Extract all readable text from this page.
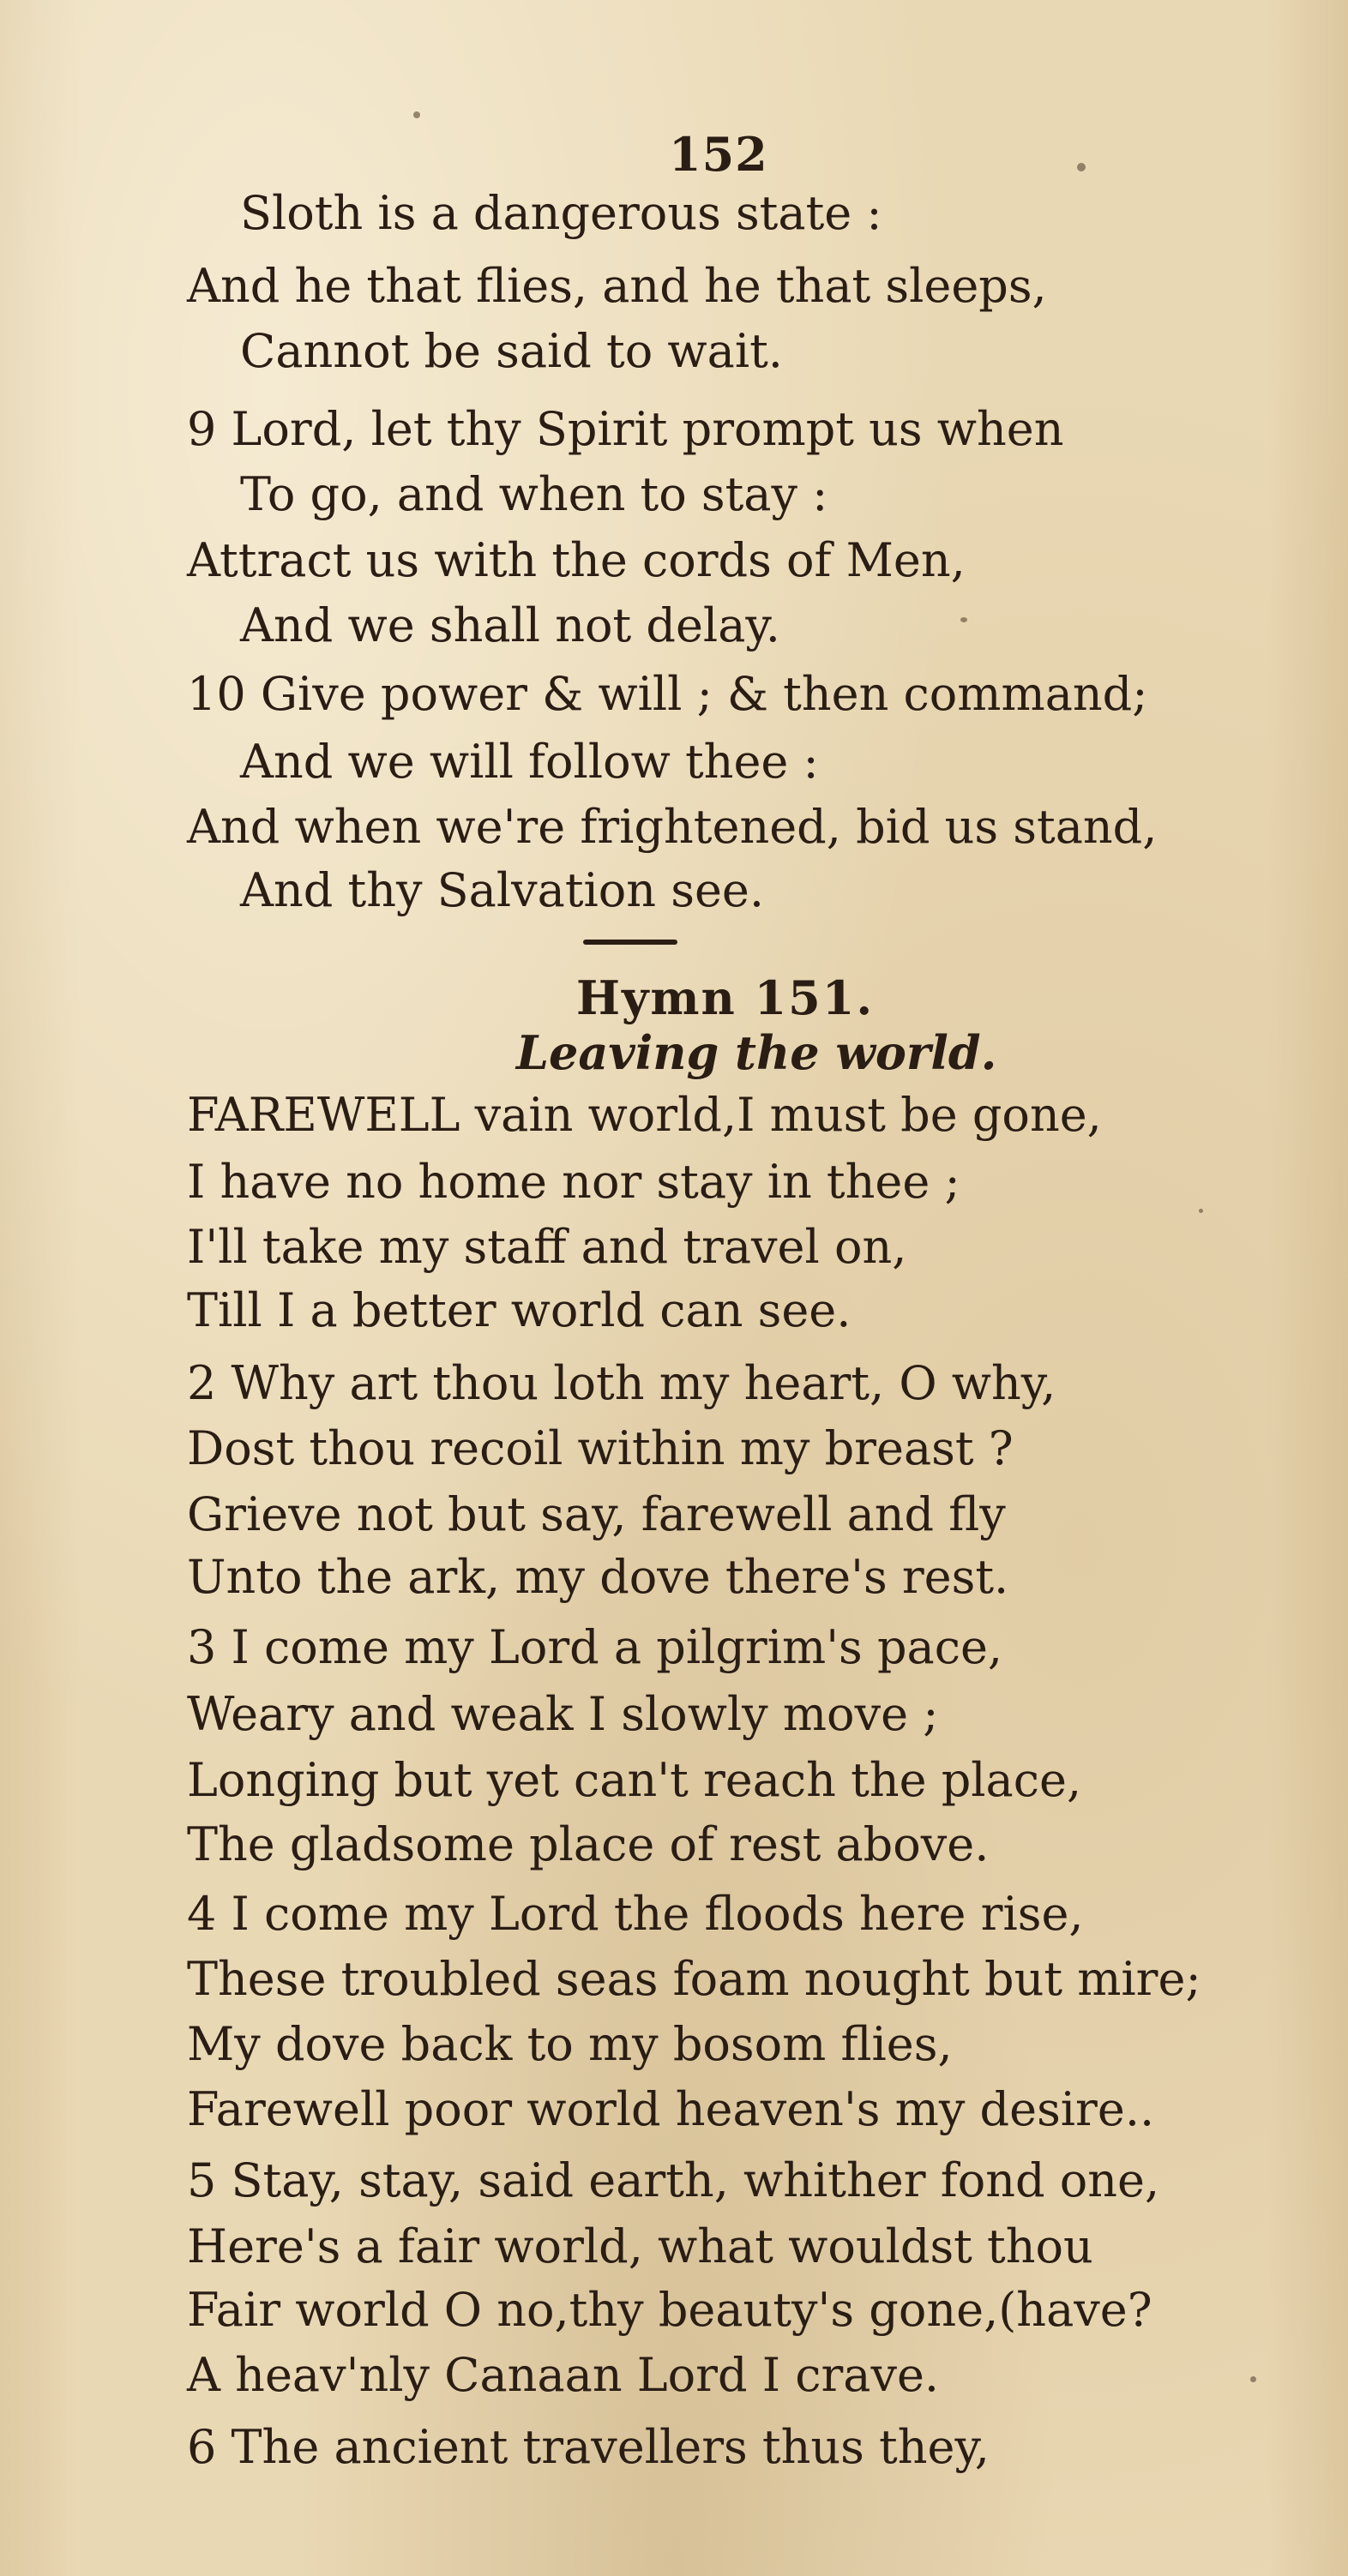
152
Sloth is a dangerous state :
And he that flies, and he that sleeps,
Cannot be said to wait.
9 Lord, let thy Spirit prompt us when
To go, and when to stay :
Attract us with the cords of Men,
And we shall not delay.
10 Give power & will ; & then command;
And we will follow thee :
And when we're frightened, bid us stand,
And thy Salvation see.
Hymn 151.
Leaving the world.
FAREWELL vain world,I must be gone,
I have no home nor stay in thee ;
I'll take my staff and travel on,
Till I a better world can see.
2 Why art thou loth my heart, O why,
Dost thou recoil within my breast ?
Grieve not but say, farewell and fly
Unto the ark, my dove there's rest.
3 I come my Lord a pilgrim's pace,
Weary and weak I slowly move ;
Longing but yet can't reach the place,
The gladsome place of rest above.
4 I come my Lord the floods here rise,
These troubled seas foam nought but mire;
My dove back to my bosom flies,
Farewell poor world heaven's my desire..
5 Stay, stay, said earth, whither fond one,
Here's a fair world, what wouldst thou
Fair world O no,thy beauty's gone,(have?
A heav'nly Canaan Lord I crave.
6 The ancient travellers thus they,
